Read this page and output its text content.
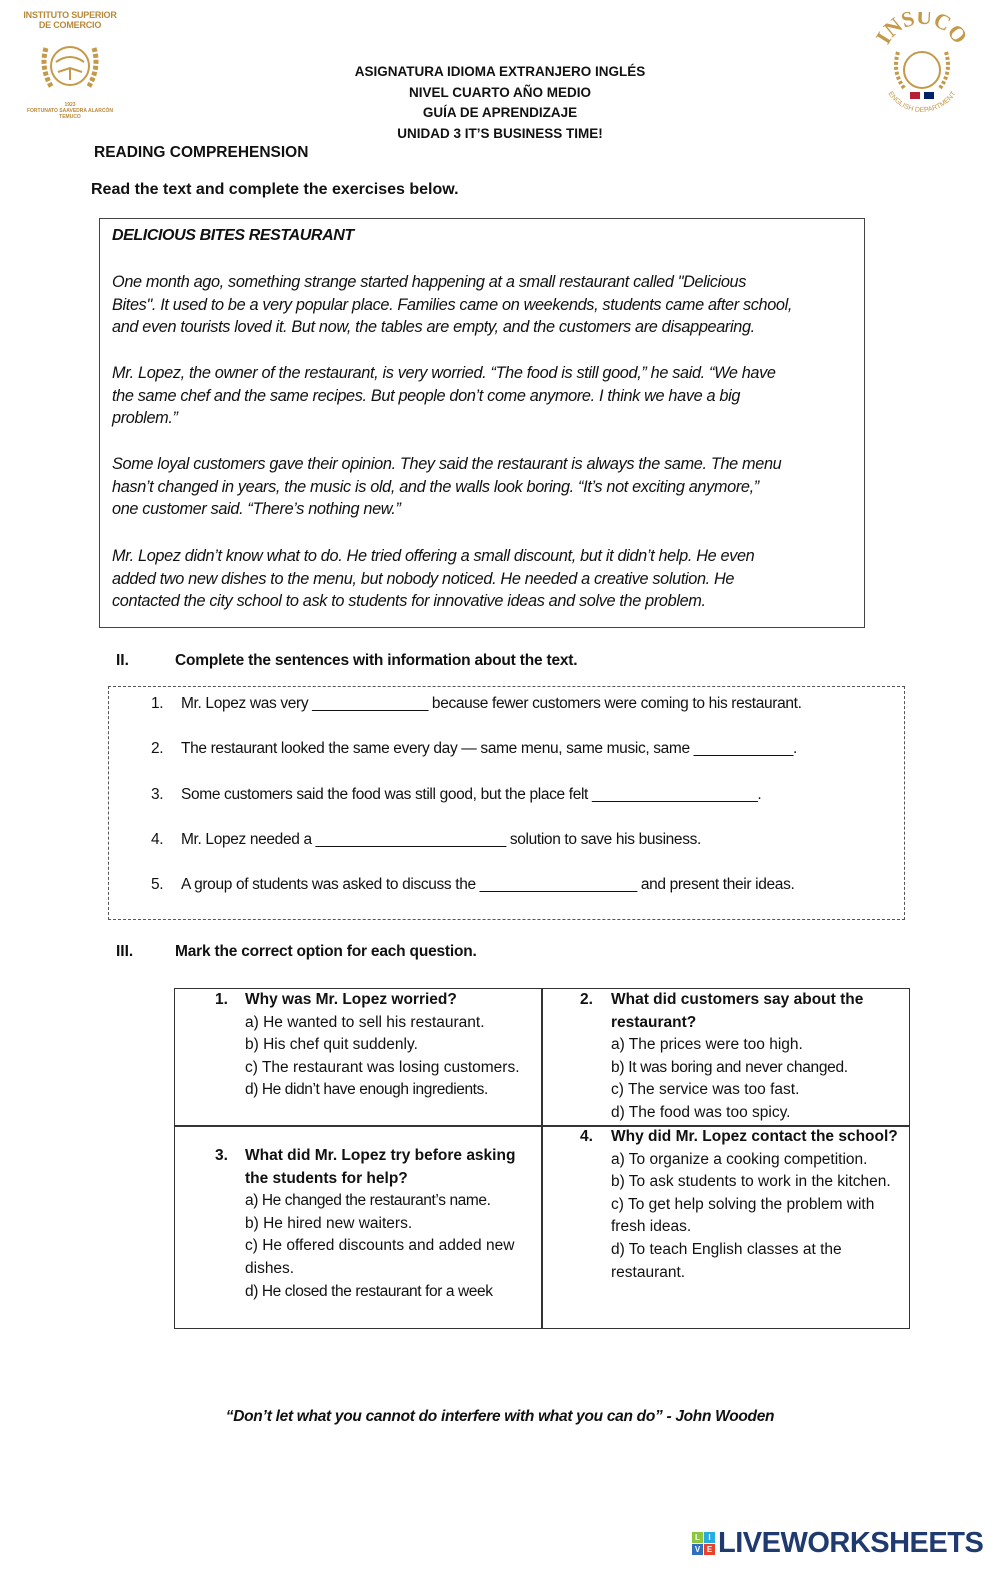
INSTITUTO SUPERIOR
DE COMERCIO
1923
FORTUNATO SAAVEDRA ALARCÓN
TEMUCO
INSUCO
ENGLISH DEPARTMENT
ASIGNATURA IDIOMA EXTRANJERO INGLÉS
NIVEL CUARTO AÑO MEDIO
GUÍA DE APRENDIZAJE
UNIDAD 3 IT’S BUSINESS TIME!
READING COMPREHENSION
Read the text and complete the exercises below.
DELICIOUS BITES RESTAURANT
One month ago, something strange started happening at a small restaurant called "Delicious
Bites". It used to be a very popular place. Families came on weekends, students came after school,
and even tourists loved it. But now, the tables are empty, and the customers are disappearing.
Mr. Lopez, the owner of the restaurant, is very worried. “The food is still good,” he said. “We have
the same chef and the same recipes. But people don’t come anymore. I think we have a big
problem.”
Some loyal customers gave their opinion. They said the restaurant is always the same. The menu
hasn’t changed in years, the music is old, and the walls look boring. “It’s not exciting anymore,”
one customer said. “There’s nothing new.”
Mr. Lopez didn’t know what to do. He tried offering a small discount, but it didn’t help. He even
added two new dishes to the menu, but nobody noticed. He needed a creative solution. He
contacted the city school to ask to students for innovative ideas and solve the problem.
II.	Complete the sentences with information about the text.
1. Mr. Lopez was very ______________ because fewer customers were coming to his restaurant.
2. The restaurant looked the same every day — same menu, same music, same ____________.
3. Some customers said the food was still good, but the place felt ____________________.
4. Mr. Lopez needed a _______________________ solution to save his business.
5. A group of students was asked to discuss the ___________________ and present their ideas.
III.	Mark the correct option for each question.
1. Why was Mr. Lopez worried?
a) He wanted to sell his restaurant.
b) His chef quit suddenly.
c) The restaurant was losing customers.
d) He didn’t have enough ingredients.
2. What did customers say about the restaurant?
a) The prices were too high.
b) It was boring and never changed.
c) The service was too fast.
d) The food was too spicy.
3. What did Mr. Lopez try before asking the students for help?
a) He changed the restaurant’s name.
b) He hired new waiters.
c) He offered discounts and added new dishes.
d) He closed the restaurant for a week
4. Why did Mr. Lopez contact the school?
a) To organize a cooking competition.
b) To ask students to work in the kitchen.
c) To get help solving the problem with fresh ideas.
d) To teach English classes at the restaurant.
“Don’t let what you cannot do interfere with what you can do” - John Wooden
L	I
V E LIVEWORKSHEETS
